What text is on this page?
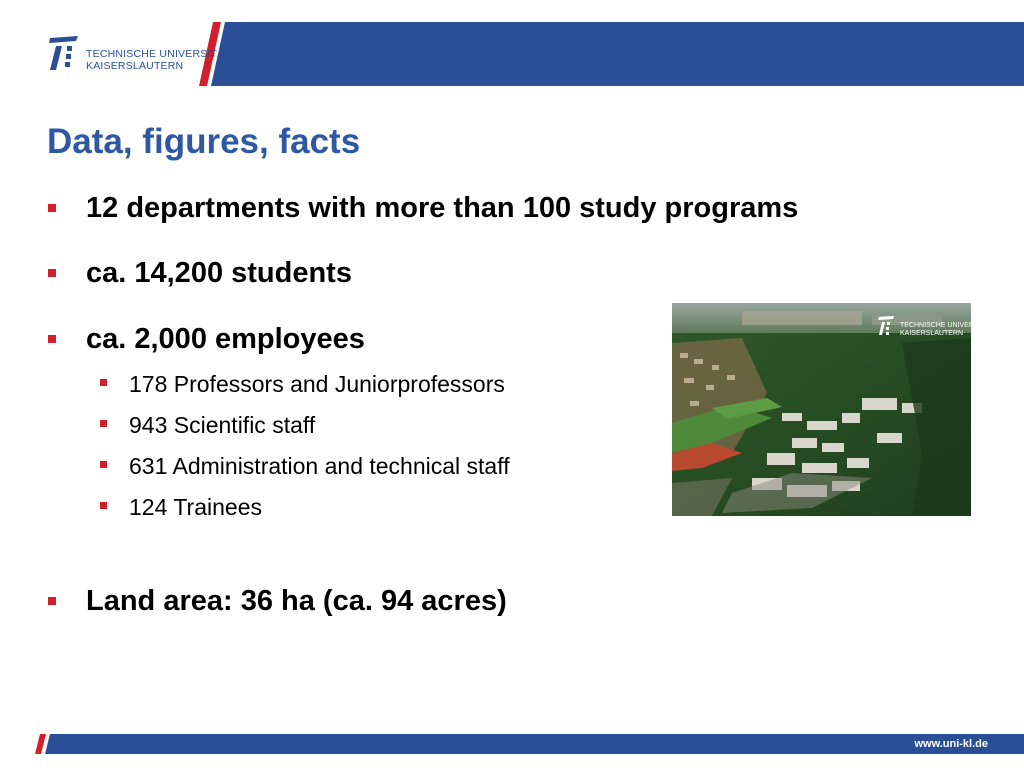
TECHNISCHE UNIVERSITÄT
KAISERSLAUTERN
Data, figures, facts
12 departments with more than 100 study programs
ca. 14,200 students
ca. 2,000 employees
178 Professors and Juniorprofessors
943 Scientific staff
631 Administration and technical staff
124 Trainees
Land area: 36 ha (ca. 94 acres)
TECHNISCHE UNIVERSITÄT
KAISERSLAUTERN
www.uni-kl.de
